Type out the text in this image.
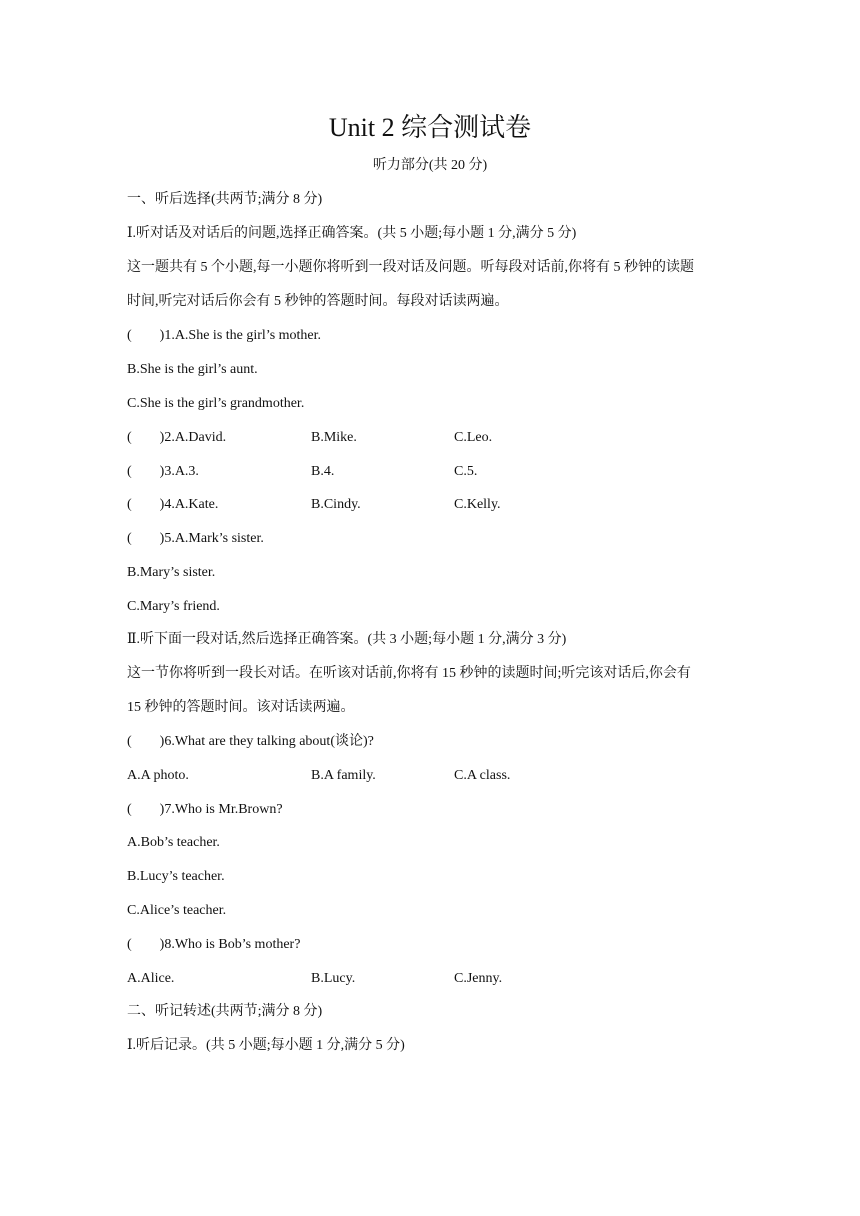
Unit 2 综合测试卷
听力部分(共 20 分)
一、听后选择(共两节;满分 8 分)
Ⅰ.听对话及对话后的问题,选择正确答案。(共 5 小题;每小题 1 分,满分 5 分)
这一题共有 5 个小题,每一小题你将听到一段对话及问题。听每段对话前,你将有 5 秒钟的读题
时间,听完对话后你会有 5 秒钟的答题时间。每段对话读两遍。
(　　)1.A.She is the girl’s mother.
B.She is the girl’s aunt.
C.She is the girl’s grandmother.
(　　)2.A.David.	B.Mike.	C.Leo.
(　　)3.A.3.	B.4.	C.5.
(　　)4.A.Kate.	B.Cindy.	C.Kelly.
(　　)5.A.Mark’s sister.
B.Mary’s sister.
C.Mary’s friend.
Ⅱ.听下面一段对话,然后选择正确答案。(共 3 小题;每小题 1 分,满分 3 分)
这一节你将听到一段长对话。在听该对话前,你将有 15 秒钟的读题时间;听完该对话后,你会有
15 秒钟的答题时间。该对话读两遍。
(　　)6.What are they talking about(谈论)?
A.A photo.	B.A family.	C.A class.
(　　)7.Who is Mr.Brown?
A.Bob’s teacher.
B.Lucy’s teacher.
C.Alice’s teacher.
(　　)8.Who is Bob’s mother?
A.Alice.	B.Lucy.	C.Jenny.
二、听记转述(共两节;满分 8 分)
Ⅰ.听后记录。(共 5 小题;每小题 1 分,满分 5 分)
